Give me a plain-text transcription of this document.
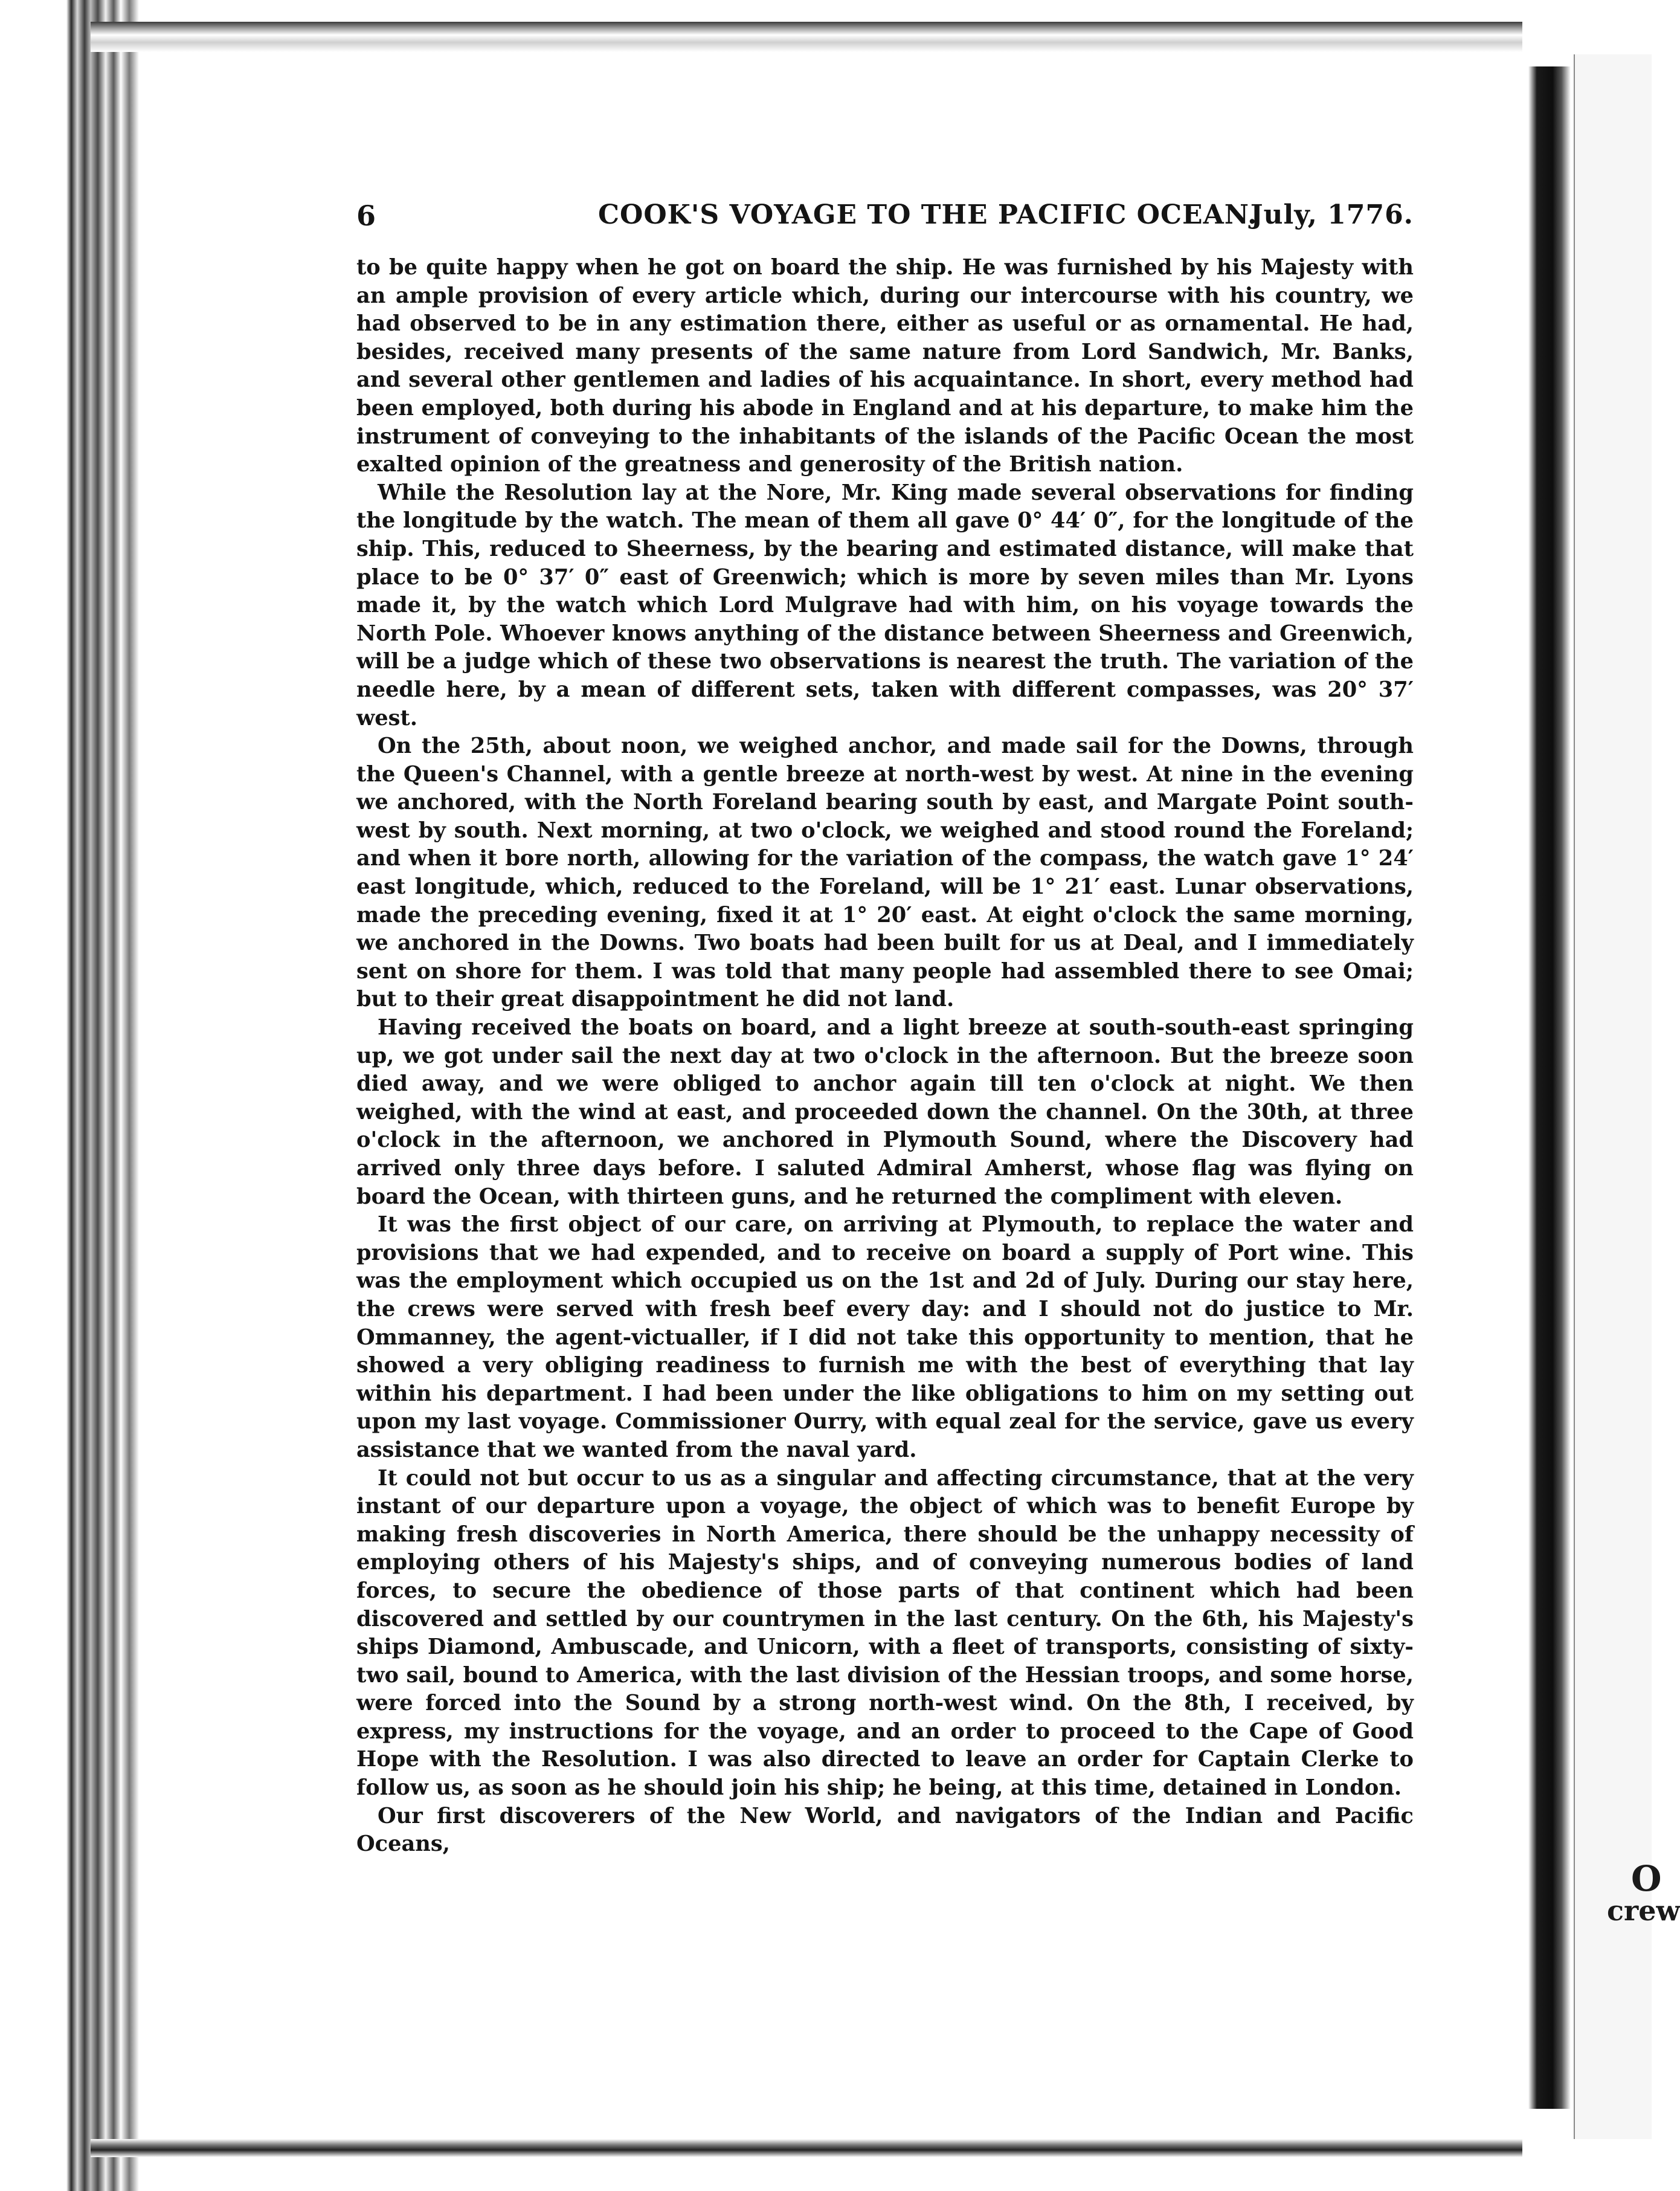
O
crew
6	COOK'S VOYAGE TO THE PACIFIC OCEAN.
July, 1776.

to be quite happy when he got on board the ship. He was furnished by his Majesty with an ample provision of every article which, during our intercourse with his country, we had observed to be in any estimation there, either as useful or as ornamental. He had, besides, received many presents of the same nature from Lord Sandwich, Mr. Banks, and several other gentlemen and ladies of his acquaintance. In short, every method had been employed, both during his abode in England and at his departure, to make him the instrument of conveying to the inhabitants of the islands of the Pacific Ocean the most exalted opinion of the greatness and generosity of the British nation.

While the Resolution lay at the Nore, Mr. King made several observations for finding the longitude by the watch. The mean of them all gave 0° 44′ 0″, for the longitude of the ship. This, reduced to Sheerness, by the bearing and estimated distance, will make that place to be 0° 37′ 0″ east of Greenwich; which is more by seven miles than Mr. Lyons made it, by the watch which Lord Mulgrave had with him, on his voyage towards the North Pole. Whoever knows anything of the distance between Sheerness and Greenwich, will be a judge which of these two observations is nearest the truth. The variation of the needle here, by a mean of different sets, taken with different compasses, was 20° 37′ west.

On the 25th, about noon, we weighed anchor, and made sail for the Downs, through the Queen's Channel, with a gentle breeze at north-west by west. At nine in the evening we anchored, with the North Foreland bearing south by east, and Margate Point south-west by south. Next morning, at two o'clock, we weighed and stood round the Foreland; and when it bore north, allowing for the variation of the compass, the watch gave 1° 24′ east longitude, which, reduced to the Foreland, will be 1° 21′ east. Lunar observations, made the preceding evening, fixed it at 1° 20′ east. At eight o'clock the same morning, we anchored in the Downs. Two boats had been built for us at Deal, and I immediately sent on shore for them. I was told that many people had assembled there to see Omai; but to their great disappointment he did not land.

Having received the boats on board, and a light breeze at south-south-east springing up, we got under sail the next day at two o'clock in the afternoon. But the breeze soon died away, and we were obliged to anchor again till ten o'clock at night. We then weighed, with the wind at east, and proceeded down the channel. On the 30th, at three o'clock in the afternoon, we anchored in Plymouth Sound, where the Discovery had arrived only three days before. I saluted Admiral Amherst, whose flag was flying on board the Ocean, with thirteen guns, and he returned the compliment with eleven.

It was the first object of our care, on arriving at Plymouth, to replace the water and provisions that we had expended, and to receive on board a supply of Port wine. This was the employment which occupied us on the 1st and 2d of July. During our stay here, the crews were served with fresh beef every day: and I should not do justice to Mr. Ommanney, the agent-victualler, if I did not take this opportunity to mention, that he showed a very obliging readiness to furnish me with the best of everything that lay within his department. I had been under the like obligations to him on my setting out upon my last voyage. Commissioner Ourry, with equal zeal for the service, gave us every assistance that we wanted from the naval yard.

It could not but occur to us as a singular and affecting circumstance, that at the very instant of our departure upon a voyage, the object of which was to benefit Europe by making fresh discoveries in North America, there should be the unhappy necessity of employing others of his Majesty's ships, and of conveying numerous bodies of land forces, to secure the obedience of those parts of that continent which had been discovered and settled by our countrymen in the last century. On the 6th, his Majesty's ships Diamond, Ambuscade, and Unicorn, with a fleet of transports, consisting of sixty-two sail, bound to America, with the last division of the Hessian troops, and some horse, were forced into the Sound by a strong north-west wind. On the 8th, I received, by express, my instructions for the voyage, and an order to proceed to the Cape of Good Hope with the Resolution. I was also directed to leave an order for Captain Clerke to follow us, as soon as he should join his ship; he being, at this time, detained in London.

Our first discoverers of the New World, and navigators of the Indian and Pacific Oceans,
